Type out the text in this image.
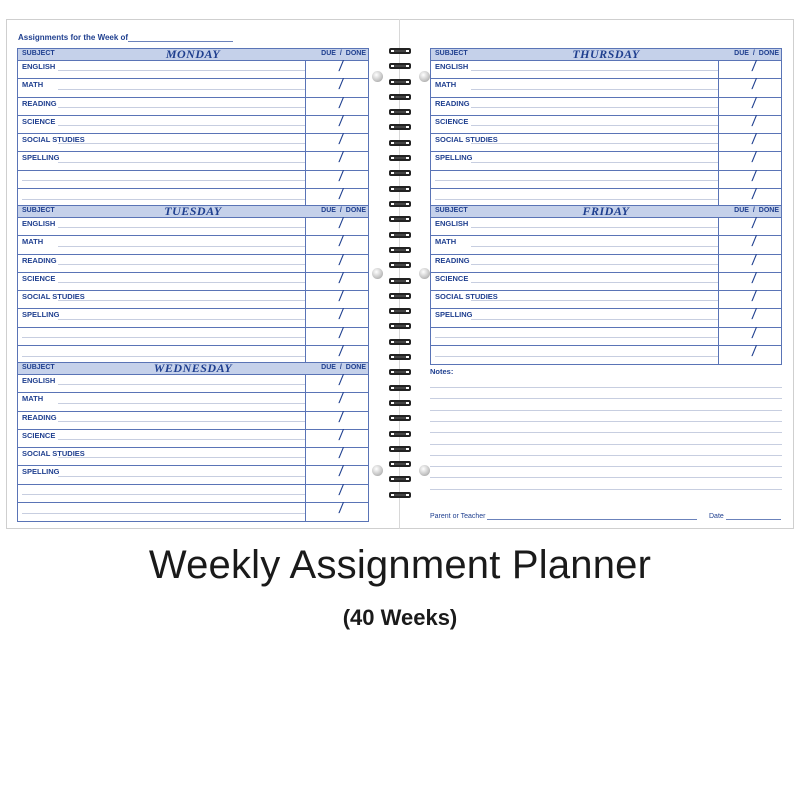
Assignments for the Week of
SUBJECT	MONDAY	DUE / DONE
ENGLISH	/
MATH	/
READING	/
SCIENCE	/
SOCIAL STUDIES	/
SPELLING	/
/
/
SUBJECT	TUESDAY	DUE / DONE
ENGLISH	/
MATH	/
READING	/
SCIENCE	/
SOCIAL STUDIES	/
SPELLING	/
/
/
SUBJECT	WEDNESDAY	DUE / DONE
ENGLISH	/
MATH	/
READING	/
SCIENCE	/
SOCIAL STUDIES	/
SPELLING	/
/
/
SUBJECT	THURSDAY	DUE / DONE
ENGLISH	/
MATH	/
READING	/
SCIENCE	/
SOCIAL STUDIES	/
SPELLING	/
/
/
SUBJECT	FRIDAY	DUE / DONE
ENGLISH	/
MATH	/
READING	/
SCIENCE	/
SOCIAL STUDIES	/
SPELLING	/
/
/
Notes:
Parent or Teacher	Date
Weekly Assignment Planner
(40 Weeks)
